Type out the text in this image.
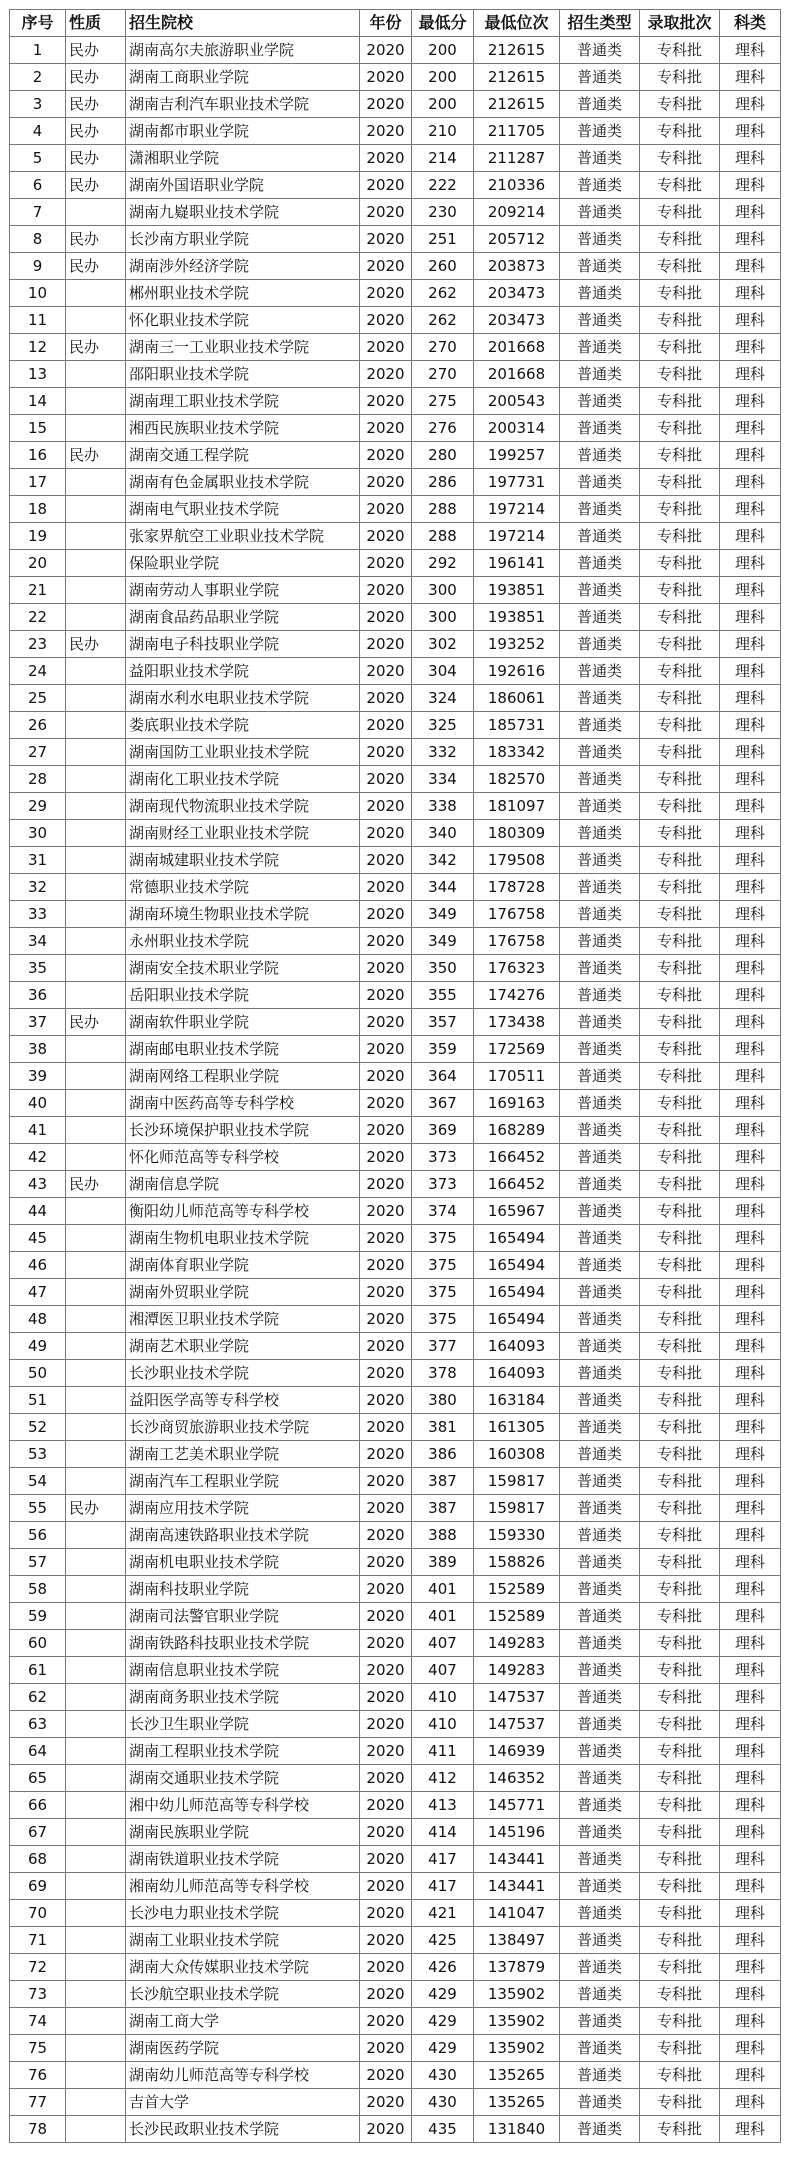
序号	性质	招生院校	年份	最低分	最低位次	招生类型	录取批次	科类
1	民办	湖南高尔夫旅游职业学院	2020	200	212615	普通类	专科批	理科
2	民办	湖南工商职业学院	2020	200	212615	普通类	专科批	理科
3	民办	湖南吉利汽车职业技术学院	2020	200	212615	普通类	专科批	理科
4	民办	湖南都市职业学院	2020	210	211705	普通类	专科批	理科
5	民办	潇湘职业学院	2020	214	211287	普通类	专科批	理科
6	民办	湖南外国语职业学院	2020	222	210336	普通类	专科批	理科
7		湖南九嶷职业技术学院	2020	230	209214	普通类	专科批	理科
8	民办	长沙南方职业学院	2020	251	205712	普通类	专科批	理科
9	民办	湖南涉外经济学院	2020	260	203873	普通类	专科批	理科
10		郴州职业技术学院	2020	262	203473	普通类	专科批	理科
11		怀化职业技术学院	2020	262	203473	普通类	专科批	理科
12	民办	湖南三一工业职业技术学院	2020	270	201668	普通类	专科批	理科
13		邵阳职业技术学院	2020	270	201668	普通类	专科批	理科
14		湖南理工职业技术学院	2020	275	200543	普通类	专科批	理科
15		湘西民族职业技术学院	2020	276	200314	普通类	专科批	理科
16	民办	湖南交通工程学院	2020	280	199257	普通类	专科批	理科
17		湖南有色金属职业技术学院	2020	286	197731	普通类	专科批	理科
18		湖南电气职业技术学院	2020	288	197214	普通类	专科批	理科
19		张家界航空工业职业技术学院	2020	288	197214	普通类	专科批	理科
20		保险职业学院	2020	292	196141	普通类	专科批	理科
21		湖南劳动人事职业学院	2020	300	193851	普通类	专科批	理科
22		湖南食品药品职业学院	2020	300	193851	普通类	专科批	理科
23	民办	湖南电子科技职业学院	2020	302	193252	普通类	专科批	理科
24		益阳职业技术学院	2020	304	192616	普通类	专科批	理科
25		湖南水利水电职业技术学院	2020	324	186061	普通类	专科批	理科
26		娄底职业技术学院	2020	325	185731	普通类	专科批	理科
27		湖南国防工业职业技术学院	2020	332	183342	普通类	专科批	理科
28		湖南化工职业技术学院	2020	334	182570	普通类	专科批	理科
29		湖南现代物流职业技术学院	2020	338	181097	普通类	专科批	理科
30		湖南财经工业职业技术学院	2020	340	180309	普通类	专科批	理科
31		湖南城建职业技术学院	2020	342	179508	普通类	专科批	理科
32		常德职业技术学院	2020	344	178728	普通类	专科批	理科
33		湖南环境生物职业技术学院	2020	349	176758	普通类	专科批	理科
34		永州职业技术学院	2020	349	176758	普通类	专科批	理科
35		湖南安全技术职业学院	2020	350	176323	普通类	专科批	理科
36		岳阳职业技术学院	2020	355	174276	普通类	专科批	理科
37	民办	湖南软件职业学院	2020	357	173438	普通类	专科批	理科
38		湖南邮电职业技术学院	2020	359	172569	普通类	专科批	理科
39		湖南网络工程职业学院	2020	364	170511	普通类	专科批	理科
40		湖南中医药高等专科学校	2020	367	169163	普通类	专科批	理科
41		长沙环境保护职业技术学院	2020	369	168289	普通类	专科批	理科
42		怀化师范高等专科学校	2020	373	166452	普通类	专科批	理科
43	民办	湖南信息学院	2020	373	166452	普通类	专科批	理科
44		衡阳幼儿师范高等专科学校	2020	374	165967	普通类	专科批	理科
45		湖南生物机电职业技术学院	2020	375	165494	普通类	专科批	理科
46		湖南体育职业学院	2020	375	165494	普通类	专科批	理科
47		湖南外贸职业学院	2020	375	165494	普通类	专科批	理科
48		湘潭医卫职业技术学院	2020	375	165494	普通类	专科批	理科
49		湖南艺术职业学院	2020	377	164093	普通类	专科批	理科
50		长沙职业技术学院	2020	378	164093	普通类	专科批	理科
51		益阳医学高等专科学校	2020	380	163184	普通类	专科批	理科
52		长沙商贸旅游职业技术学院	2020	381	161305	普通类	专科批	理科
53		湖南工艺美术职业学院	2020	386	160308	普通类	专科批	理科
54		湖南汽车工程职业学院	2020	387	159817	普通类	专科批	理科
55	民办	湖南应用技术学院	2020	387	159817	普通类	专科批	理科
56		湖南高速铁路职业技术学院	2020	388	159330	普通类	专科批	理科
57		湖南机电职业技术学院	2020	389	158826	普通类	专科批	理科
58		湖南科技职业学院	2020	401	152589	普通类	专科批	理科
59		湖南司法警官职业学院	2020	401	152589	普通类	专科批	理科
60		湖南铁路科技职业技术学院	2020	407	149283	普通类	专科批	理科
61		湖南信息职业技术学院	2020	407	149283	普通类	专科批	理科
62		湖南商务职业技术学院	2020	410	147537	普通类	专科批	理科
63		长沙卫生职业学院	2020	410	147537	普通类	专科批	理科
64		湖南工程职业技术学院	2020	411	146939	普通类	专科批	理科
65		湖南交通职业技术学院	2020	412	146352	普通类	专科批	理科
66		湘中幼儿师范高等专科学校	2020	413	145771	普通类	专科批	理科
67		湖南民族职业学院	2020	414	145196	普通类	专科批	理科
68		湖南铁道职业技术学院	2020	417	143441	普通类	专科批	理科
69		湘南幼儿师范高等专科学校	2020	417	143441	普通类	专科批	理科
70		长沙电力职业技术学院	2020	421	141047	普通类	专科批	理科
71		湖南工业职业技术学院	2020	425	138497	普通类	专科批	理科
72		湖南大众传媒职业技术学院	2020	426	137879	普通类	专科批	理科
73		长沙航空职业技术学院	2020	429	135902	普通类	专科批	理科
74		湖南工商大学	2020	429	135902	普通类	专科批	理科
75		湖南医药学院	2020	429	135902	普通类	专科批	理科
76		湖南幼儿师范高等专科学校	2020	430	135265	普通类	专科批	理科
77		吉首大学	2020	430	135265	普通类	专科批	理科
78		长沙民政职业技术学院	2020	435	131840	普通类	专科批	理科
